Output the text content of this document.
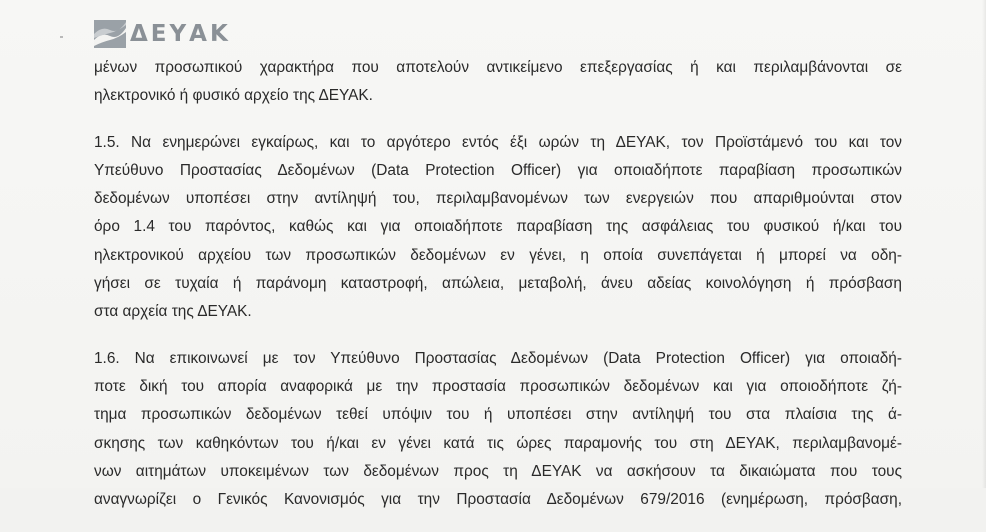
ΔΕΥΑΚ
μένων προσωπικού χαρακτήρα που αποτελούν αντικείμενο επεξεργασίας ή και περιλαμβάνονται σε
ηλεκτρονικό ή φυσικό αρχείο της ΔΕΥΑΚ.
1.5. Να ενημερώνει εγκαίρως, και το αργότερο εντός έξι ωρών τη ΔΕΥΑΚ, τον Προϊστάμενό του και τον
Υπεύθυνο Προστασίας Δεδομένων (Data Protection Officer) για οποιαδήποτε παραβίαση προσωπικών
δεδομένων υποπέσει στην αντίληψή του, περιλαμβανομένων των ενεργειών που απαριθμούνται στον
όρο 1.4 του παρόντος, καθώς και για οποιαδήποτε παραβίαση της ασφάλειας του φυσικού ή/και του
ηλεκτρονικού αρχείου των προσωπικών δεδομένων εν γένει, η οποία συνεπάγεται ή μπορεί να οδη-
γήσει σε τυχαία ή παράνομη καταστροφή, απώλεια, μεταβολή, άνευ αδείας κοινολόγηση ή πρόσβαση
στα αρχεία της ΔΕΥΑΚ.
1.6. Να επικοινωνεί με τον Υπεύθυνο Προστασίας Δεδομένων (Data Protection Officer) για οποιαδή-
ποτε δική του απορία αναφορικά με την προστασία προσωπικών δεδομένων και για οποιοδήποτε ζή-
τημα προσωπικών δεδομένων τεθεί υπόψιν του ή υποπέσει στην αντίληψή του στα πλαίσια της ά-
σκησης των καθηκόντων του ή/και εν γένει κατά τις ώρες παραμονής του στη ΔΕΥΑΚ, περιλαμβανομέ-
νων αιτημάτων υποκειμένων των δεδομένων προς τη ΔΕΥΑΚ να ασκήσουν τα δικαιώματα που τους
αναγνωρίζει ο Γενικός Κανονισμός για την Προστασία Δεδομένων 679/2016 (ενημέρωση, πρόσβαση,
